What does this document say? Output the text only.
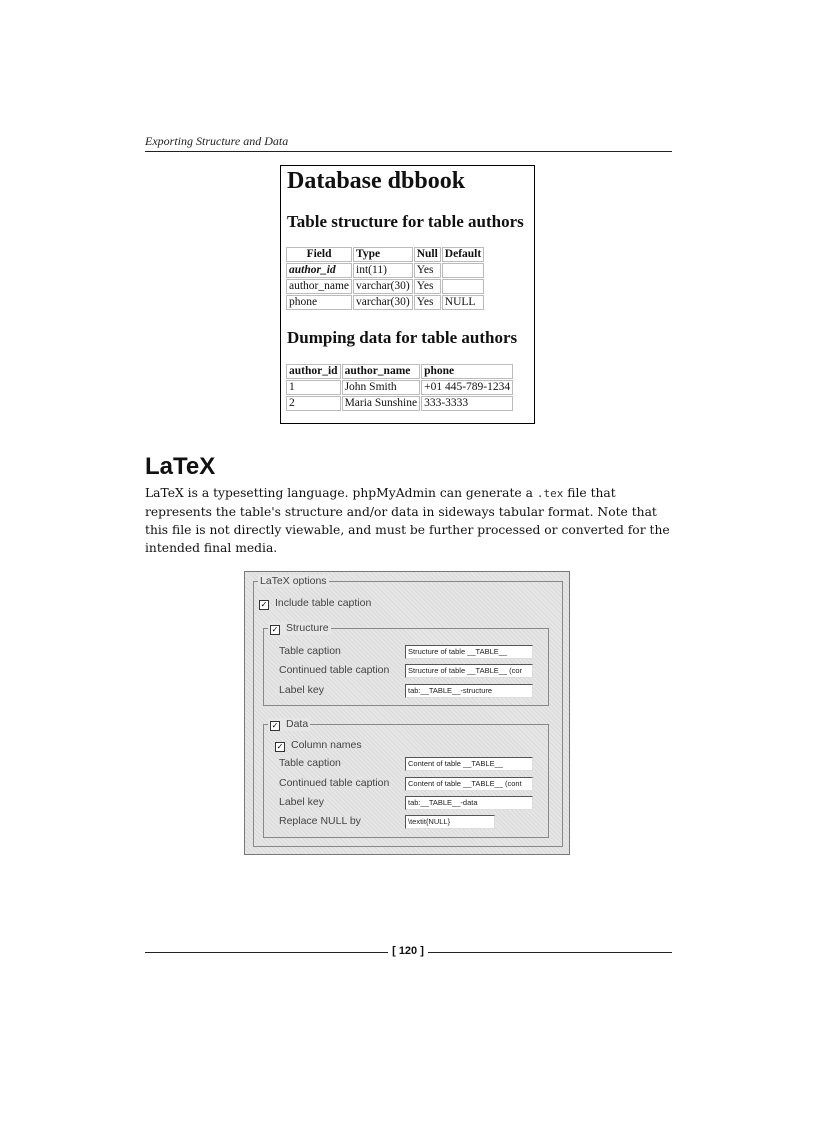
Exporting Structure and Data
Database dbbook
Table structure for table authors
Field	Type	Null	Default
author_id	int(11)	Yes	
author_name	varchar(30)	Yes	
phone	varchar(30)	Yes	NULL
Dumping data for table authors
author_id	author_name	phone
1	John Smith	+01 445-789-1234
2	Maria Sunshine	333-3333
LaTeX

LaTeX is a typesetting language. phpMyAdmin can generate a .tex file that represents the table's structure and/or data in sideways tabular format. Note that this file is not directly viewable, and must be further processed or converted for the intended final media.

LaTeX options
✓ Include table caption
✓ Structure
Table caption	Structure of table __TABLE__
Continued table caption	Structure of table __TABLE__ (cor
Label key	tab:__TABLE__-structure
✓ Data
✓ Column names
Table caption	Content of table __TABLE__
Continued table caption	Content of table __TABLE__ (cont
Label key	tab:__TABLE__-data
Replace NULL by	\textit{NULL}
[ 120 ]
